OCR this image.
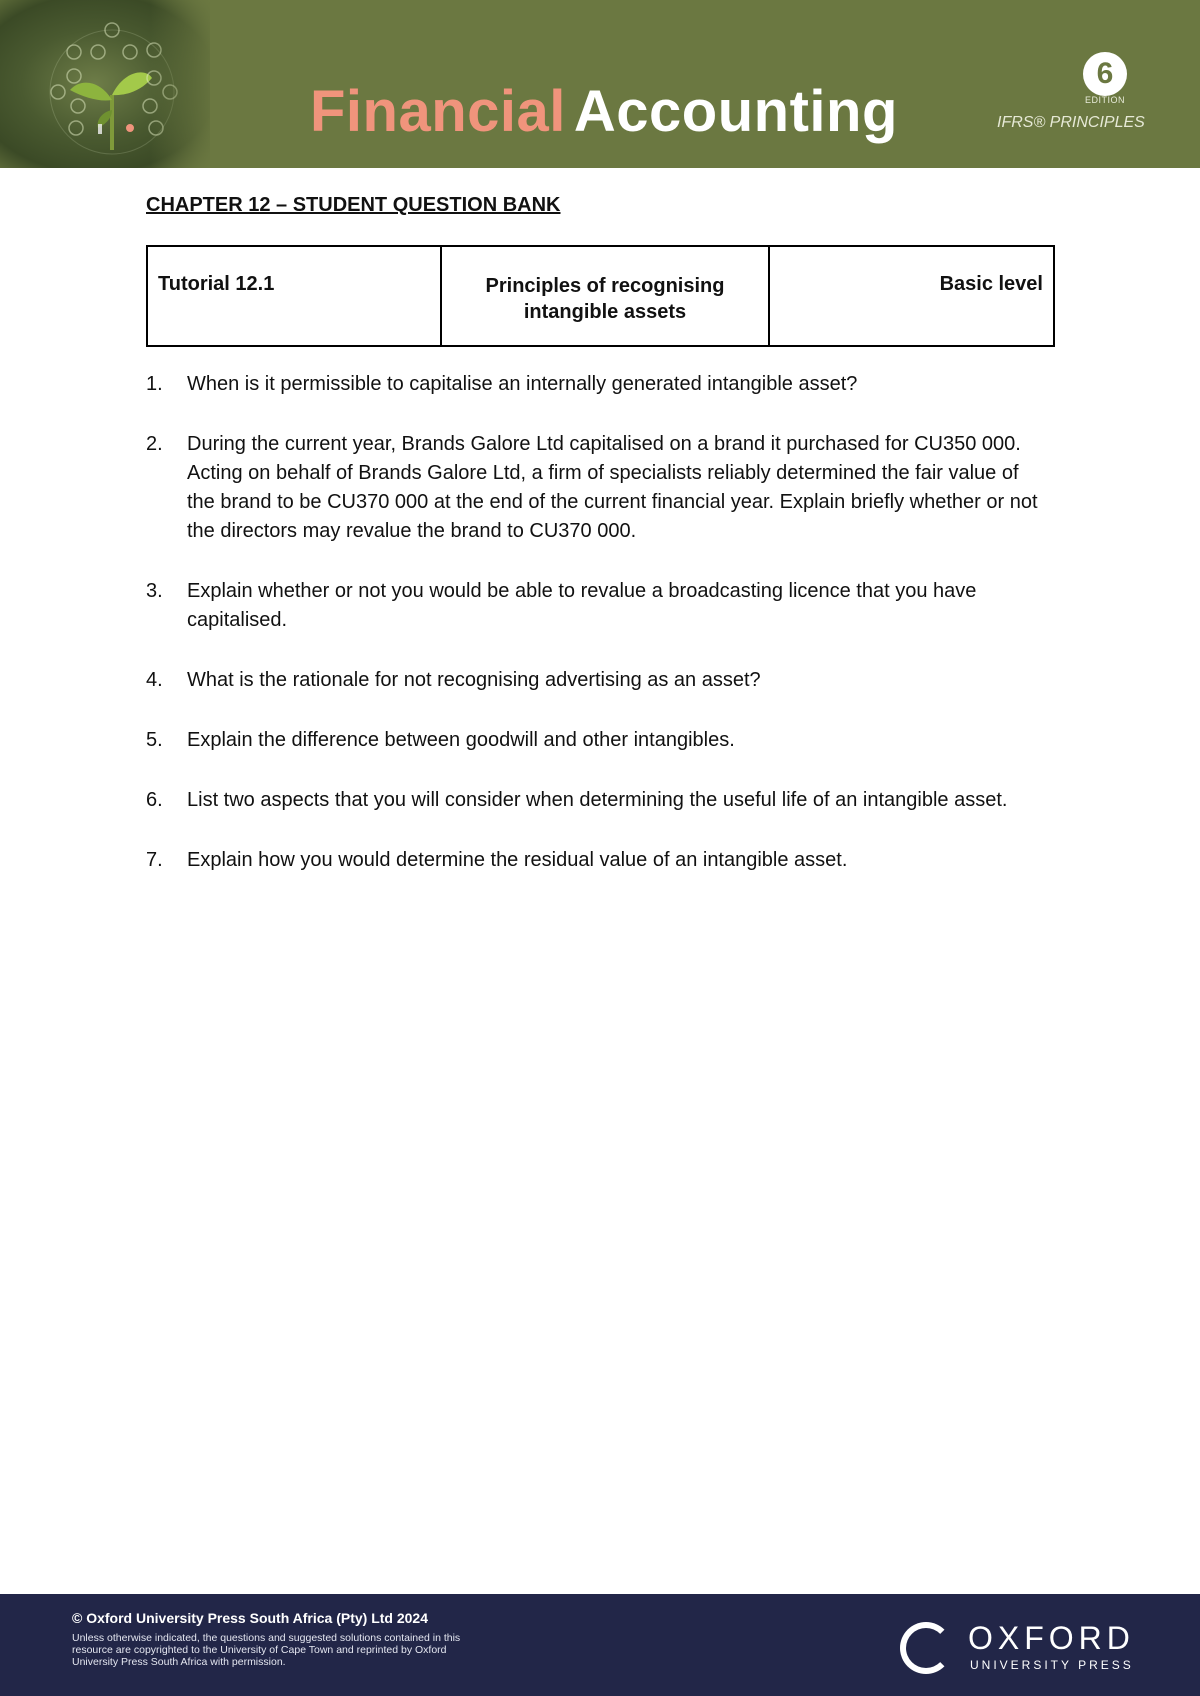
Financial Accounting
6
EDITION
IFRS® PRINCIPLES
CHAPTER 12 – STUDENT QUESTION BANK
Tutorial 12.1	Principles of recognising intangible assets	Basic level
1. When is it permissible to capitalise an internally generated intangible asset?
2. During the current year, Brands Galore Ltd capitalised on a brand it purchased for CU350 000. Acting on behalf of Brands Galore Ltd, a firm of specialists reliably determined the fair value of the brand to be CU370 000 at the end of the current financial year. Explain briefly whether or not the directors may revalue the brand to CU370 000.
3. Explain whether or not you would be able to revalue a broadcasting licence that you have capitalised.
4. What is the rationale for not recognising advertising as an asset?
5. Explain the difference between goodwill and other intangibles.
6. List two aspects that you will consider when determining the useful life of an intangible asset.
7. Explain how you would determine the residual value of an intangible asset.
© Oxford University Press South Africa (Pty) Ltd 2024
Unless otherwise indicated, the questions and suggested solutions contained in this resource are copyrighted to the University of Cape Town and reprinted by Oxford University Press South Africa with permission.
OXFORD
UNIVERSITY PRESS
